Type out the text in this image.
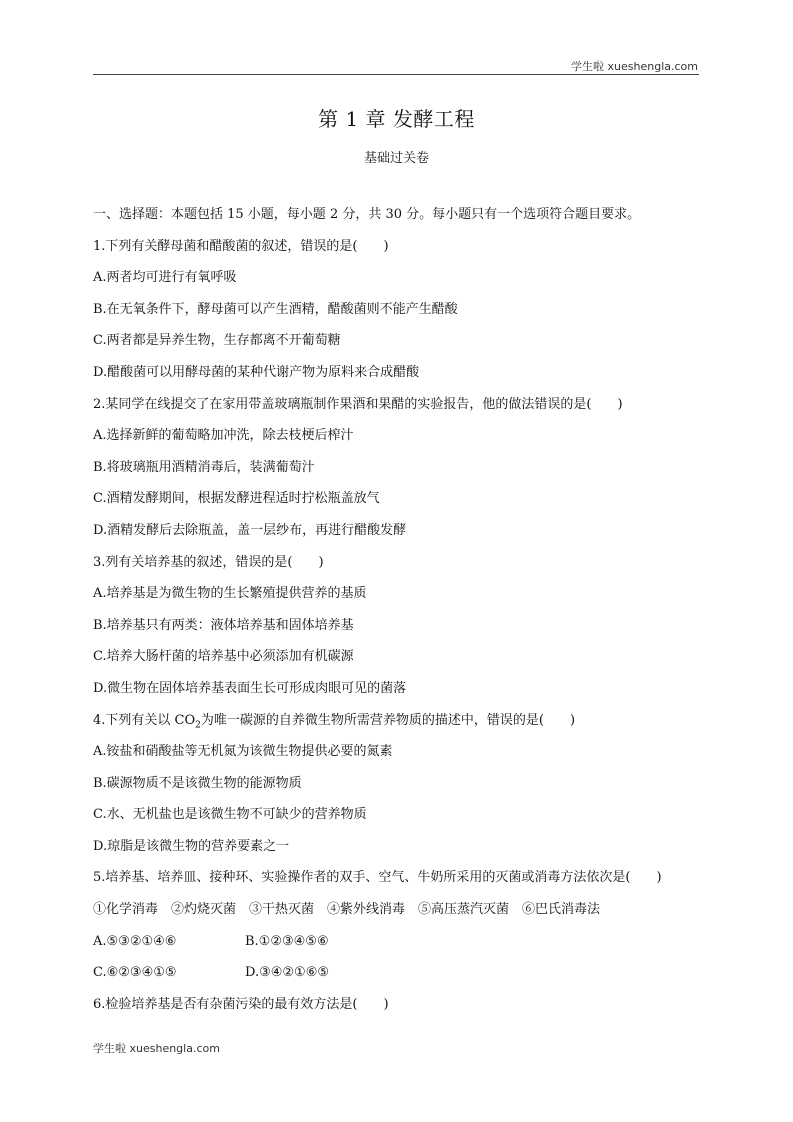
学生啦 xueshengla.com
第 1 章 发酵工程
基础过关卷
一、选择题：本题包括 15 小题，每小题 2 分，共 30 分。每小题只有一个选项符合题目要求。
1.下列有关酵母菌和醋酸菌的叙述，错误的是(　　)
A.两者均可进行有氧呼吸
B.在无氧条件下，酵母菌可以产生酒精，醋酸菌则不能产生醋酸
C.两者都是异养生物，生存都离不开葡萄糖
D.醋酸菌可以用酵母菌的某种代谢产物为原料来合成醋酸
2.某同学在线提交了在家用带盖玻璃瓶制作果酒和果醋的实验报告，他的做法错误的是(　　)
A.选择新鲜的葡萄略加冲洗，除去枝梗后榨汁
B.将玻璃瓶用酒精消毒后，装满葡萄汁
C.酒精发酵期间，根据发酵进程适时拧松瓶盖放气
D.酒精发酵后去除瓶盖，盖一层纱布，再进行醋酸发酵
3.列有关培养基的叙述，错误的是(　　)
A.培养基是为微生物的生长繁殖提供营养的基质
B.培养基只有两类：液体培养基和固体培养基
C.培养大肠杆菌的培养基中必须添加有机碳源
D.微生物在固体培养基表面生长可形成肉眼可见的菌落
4.下列有关以 $CO_2$为唯一碳源的自养微生物所需营养物质的描述中，错误的是(　　)
A.铵盐和硝酸盐等无机氮为该微生物提供必要的氮素
B.碳源物质不是该微生物的能源物质
C.水、无机盐也是该微生物不可缺少的营养物质
D.琼脂是该微生物的营养要素之一
5.培养基、培养皿、接种环、实验操作者的双手、空气、牛奶所采用的灭菌或消毒方法依次是(　　)
①化学消毒　②灼烧灭菌　③干热灭菌　④紫外线消毒　⑤高压蒸汽灭菌　⑥巴氏消毒法
A.⑤③②①④⑥	B.①②③④⑤⑥
C.⑥②③④①⑤	D.③④②①⑥⑤
6.检验培养基是否有杂菌污染的最有效方法是(　　)
学生啦 xueshengla.com
